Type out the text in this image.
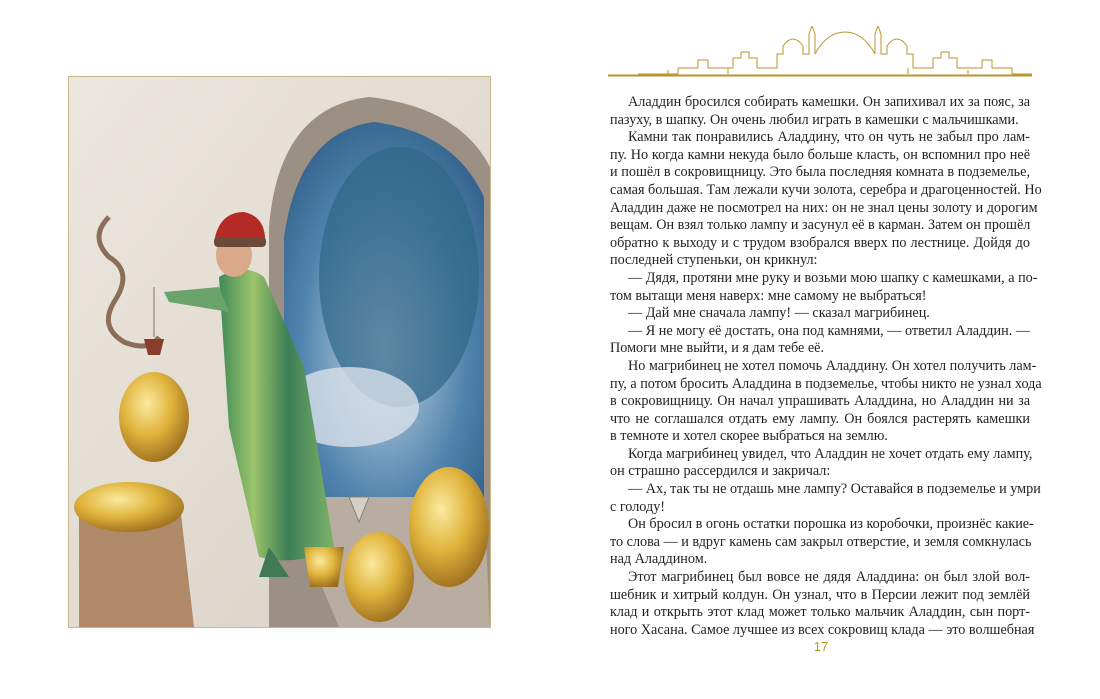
Аладдин бросился собирать камешки. Он запихивал их за пояс, за
пазуху, в шапку. Он очень любил играть в камешки с мальчишками.
Камни так понравились Аладдину, что он чуть не забыл про лам-
пу. Но когда камни некуда было больше класть, он вспомнил про неё
и пошёл в сокровищницу. Это была последняя комната в подземелье,
самая большая. Там лежали кучи золота, серебра и драгоценностей. Но
Аладдин даже не посмотрел на них: он не знал цены золоту и дорогим
вещам. Он взял только лампу и засунул её в карман. Затем он прошёл
обратно к выходу и с трудом взобрался вверх по лестнице. Дойдя до
последней ступеньки, он крикнул:
— Дядя, протяни мне руку и возьми мою шапку с камешками, а по-
том вытащи меня наверх: мне самому не выбраться!
— Дай мне сначала лампу! — сказал магрибинец.
— Я не могу её достать, она под камнями, — ответил Аладдин. —
Помоги мне выйти, и я дам тебе её.
Но магрибинец не хотел помочь Аладдину. Он хотел получить лам-
пу, а потом бросить Аладдина в подземелье, чтобы никто не узнал хода
в сокровищницу. Он начал упрашивать Аладдина, но Аладдин ни за
что не соглашался отдать ему лампу. Он боялся растерять камешки
в темноте и хотел скорее выбраться на землю.
Когда магрибинец увидел, что Аладдин не хочет отдать ему лампу,
он страшно рассердился и закричал:
— Ах, так ты не отдашь мне лампу? Оставайся в подземелье и умри
с голоду!
Он бросил в огонь остатки порошка из коробочки, произнёс какие-
то слова — и вдруг камень сам закрыл отверстие, и земля сомкнулась
над Аладдином.
Этот магрибинец был вовсе не дядя Аладдина: он был злой вол-
шебник и хитрый колдун. Он узнал, что в Персии лежит под землёй
клад и открыть этот клад может только мальчик Аладдин, сын порт-
ного Хасана. Самое лучшее из всех сокровищ клада — это волшебная
17
